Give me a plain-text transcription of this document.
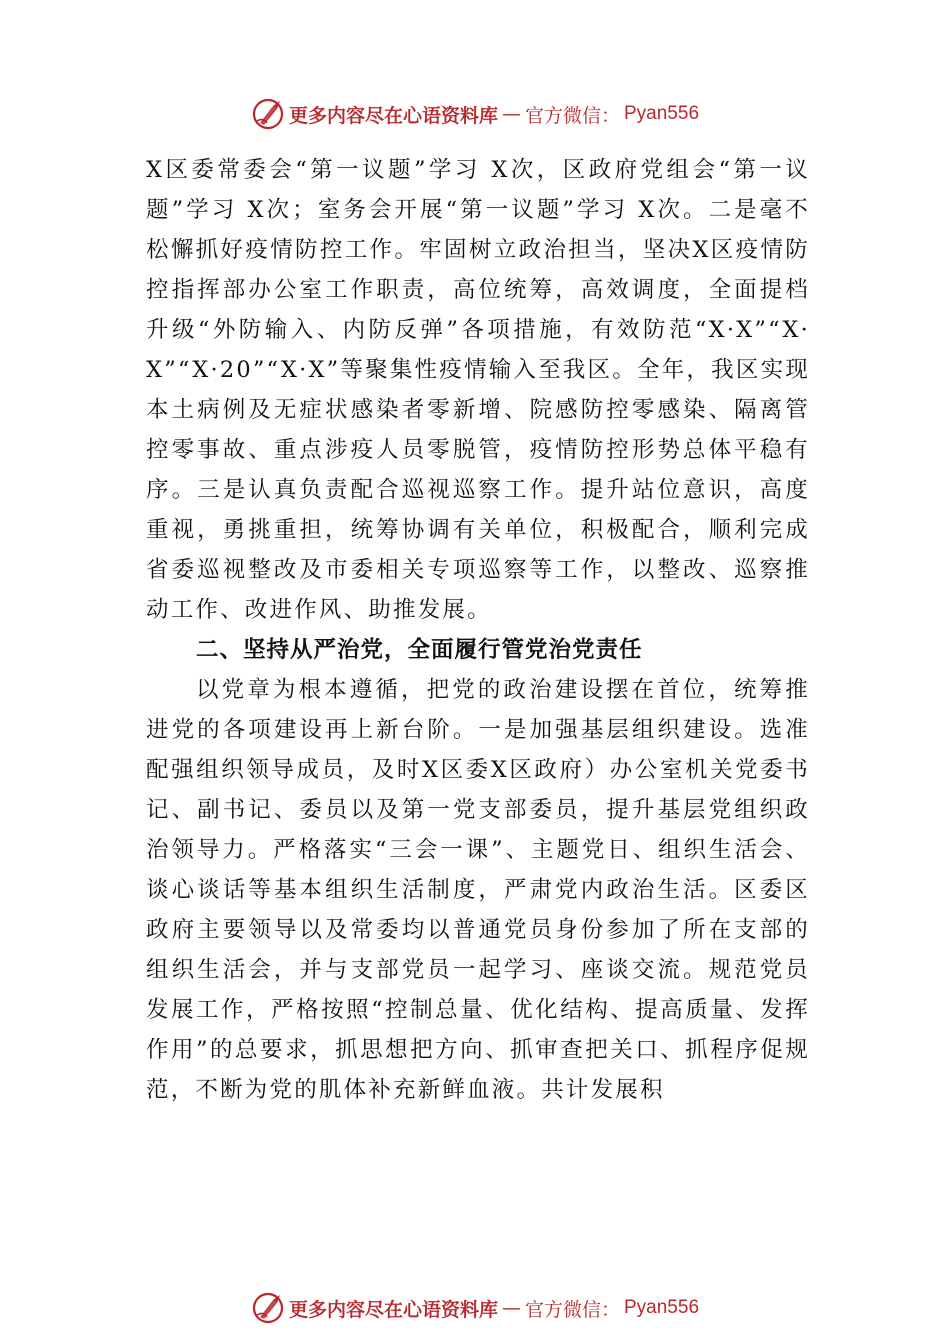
更多内容尽在心语资料库 — 官方微信： Pyan556

X区委常委会“第一议题”学习 X次，区政府党组会“第一议题”学习 X次；室务会开展“第一议题”学习 X次。二是毫不松懈抓好疫情防控工作。牢固树立政治担当，坚决X区疫情防控指挥部办公室工作职责，高位统筹，高效调度，全面提档升级“外防输入、内防反弹”各项措施，有效防范“X·X”“X·X”“X·20”“X·X”等聚集性疫情输入至我区。全年，我区实现本土病例及无症状感染者零新增、院感防控零感染、隔离管控零事故、重点涉疫人员零脱管，疫情防控形势总体平稳有序。三是认真负责配合巡视巡察工作。提升站位意识，高度重视，勇挑重担，统筹协调有关单位，积极配合，顺利完成省委巡视整改及市委相关专项巡察等工作，以整改、巡察推动工作、改进作风、助推发展。

二、坚持从严治党，全面履行管党治党责任

以党章为根本遵循，把党的政治建设摆在首位，统筹推进党的各项建设再上新台阶。一是加强基层组织建设。选准配强组织领导成员，及时X区委X区政府）办公室机关党委书记、副书记、委员以及第一党支部委员，提升基层党组织政治领导力。严格落实“三会一课”、主题党日、组织生活会、谈心谈话等基本组织生活制度，严肃党内政治生活。区委区政府主要领导以及常委均以普通党员身份参加了所在支部的组织生活会，并与支部党员一起学习、座谈交流。规范党员发展工作，严格按照“控制总量、优化结构、提高质量、发挥作用”的总要求，抓思想把方向、抓审查把关口、抓程序促规范，不断为党的肌体补充新鲜血液。共计发展积

更多内容尽在心语资料库 — 官方微信： Pyan556
